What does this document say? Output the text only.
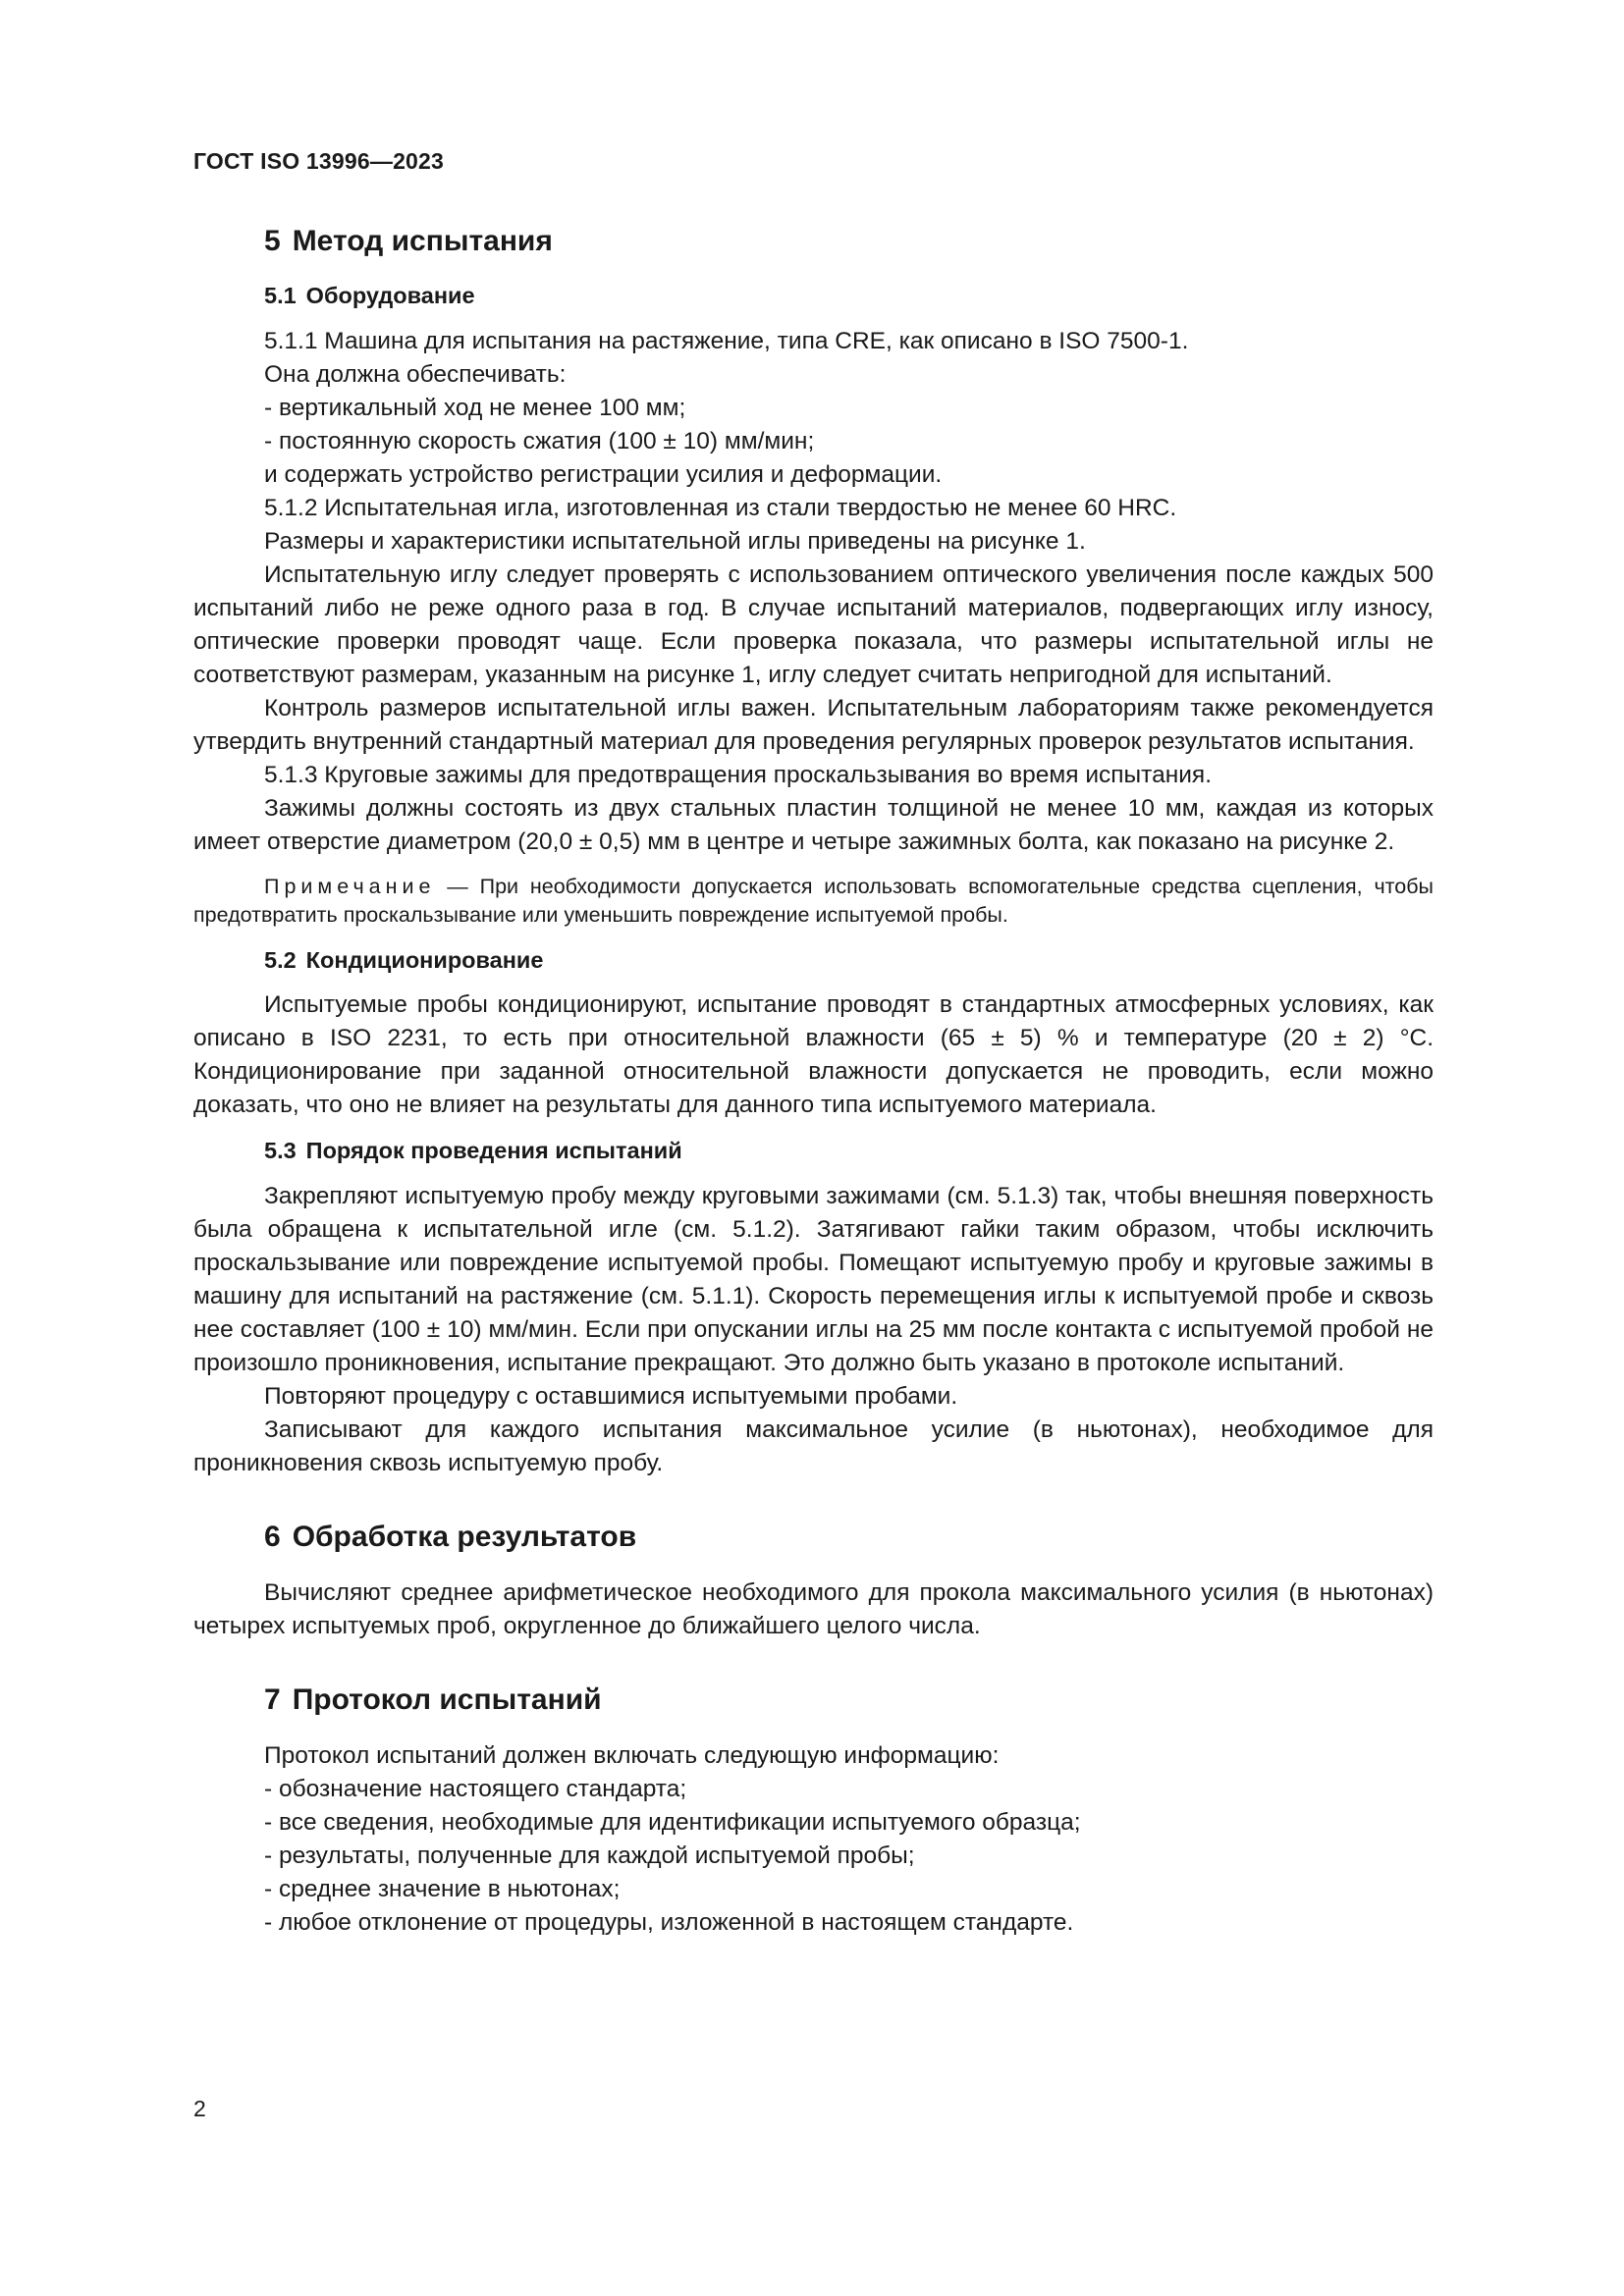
ГОСТ ISO 13996—2023
5 Метод испытания
5.1 Оборудование

5.1.1 Машина для испытания на растяжение, типа CRE, как описано в ISO 7500-1.

Она должна обеспечивать:

- вертикальный ход не менее 100 мм;
- постоянную скорость сжатия (100 ± 10) мм/мин;

и содержать устройство регистрации усилия и деформации.

5.1.2 Испытательная игла, изготовленная из стали твердостью не менее 60 HRC.

Размеры и характеристики испытательной иглы приведены на рисунке 1.

Испытательную иглу следует проверять с использованием оптического увеличения после каждых 500 испытаний либо не реже одного раза в год. В случае испытаний материалов, подвергающих иглу износу, оптические проверки проводят чаще. Если проверка показала, что размеры испытательной иглы не соответствуют размерам, указанным на рисунке 1, иглу следует считать непригодной для испытаний.

Контроль размеров испытательной иглы важен. Испытательным лабораториям также рекомендуется утвердить внутренний стандартный материал для проведения регулярных проверок результатов испытания.

5.1.3 Круговые зажимы для предотвращения проскальзывания во время испытания.

Зажимы должны состоять из двух стальных пластин толщиной не менее 10 мм, каждая из которых имеет отверстие диаметром (20,0 ± 0,5) мм в центре и четыре зажимных болта, как показано на рисунке 2.

Примечание — При необходимости допускается использовать вспомогательные средства сцепления, чтобы предотвратить проскальзывание или уменьшить повреждение испытуемой пробы.
5.2 Кондиционирование

Испытуемые пробы кондиционируют, испытание проводят в стандартных атмосферных условиях, как описано в ISO 2231, то есть при относительной влажности (65 ± 5) % и температуре (20 ± 2) °C. Кондиционирование при заданной относительной влажности допускается не проводить, если можно доказать, что оно не влияет на результаты для данного типа испытуемого материала.

5.3 Порядок проведения испытаний

Закрепляют испытуемую пробу между круговыми зажимами (см. 5.1.3) так, чтобы внешняя поверхность была обращена к испытательной игле (см. 5.1.2). Затягивают гайки таким образом, чтобы исключить проскальзывание или повреждение испытуемой пробы. Помещают испытуемую пробу и круговые зажимы в машину для испытаний на растяжение (см. 5.1.1). Скорость перемещения иглы к испытуемой пробе и сквозь нее составляет (100 ± 10) мм/мин. Если при опускании иглы на 25 мм после контакта с испытуемой пробой не произошло проникновения, испытание прекращают. Это должно быть указано в протоколе испытаний.

Повторяют процедуру с оставшимися испытуемыми пробами.

Записывают для каждого испытания максимальное усилие (в ньютонах), необходимое для проникновения сквозь испытуемую пробу.

6 Обработка результатов

Вычисляют среднее арифметическое необходимого для прокола максимального усилия (в ньютонах) четырех испытуемых проб, округленное до ближайшего целого числа.

7 Протокол испытаний

Протокол испытаний должен включать следующую информацию:

- обозначение настоящего стандарта;
- все сведения, необходимые для идентификации испытуемого образца;
- результаты, полученные для каждой испытуемой пробы;
- среднее значение в ньютонах;
- любое отклонение от процедуры, изложенной в настоящем стандарте.
2
